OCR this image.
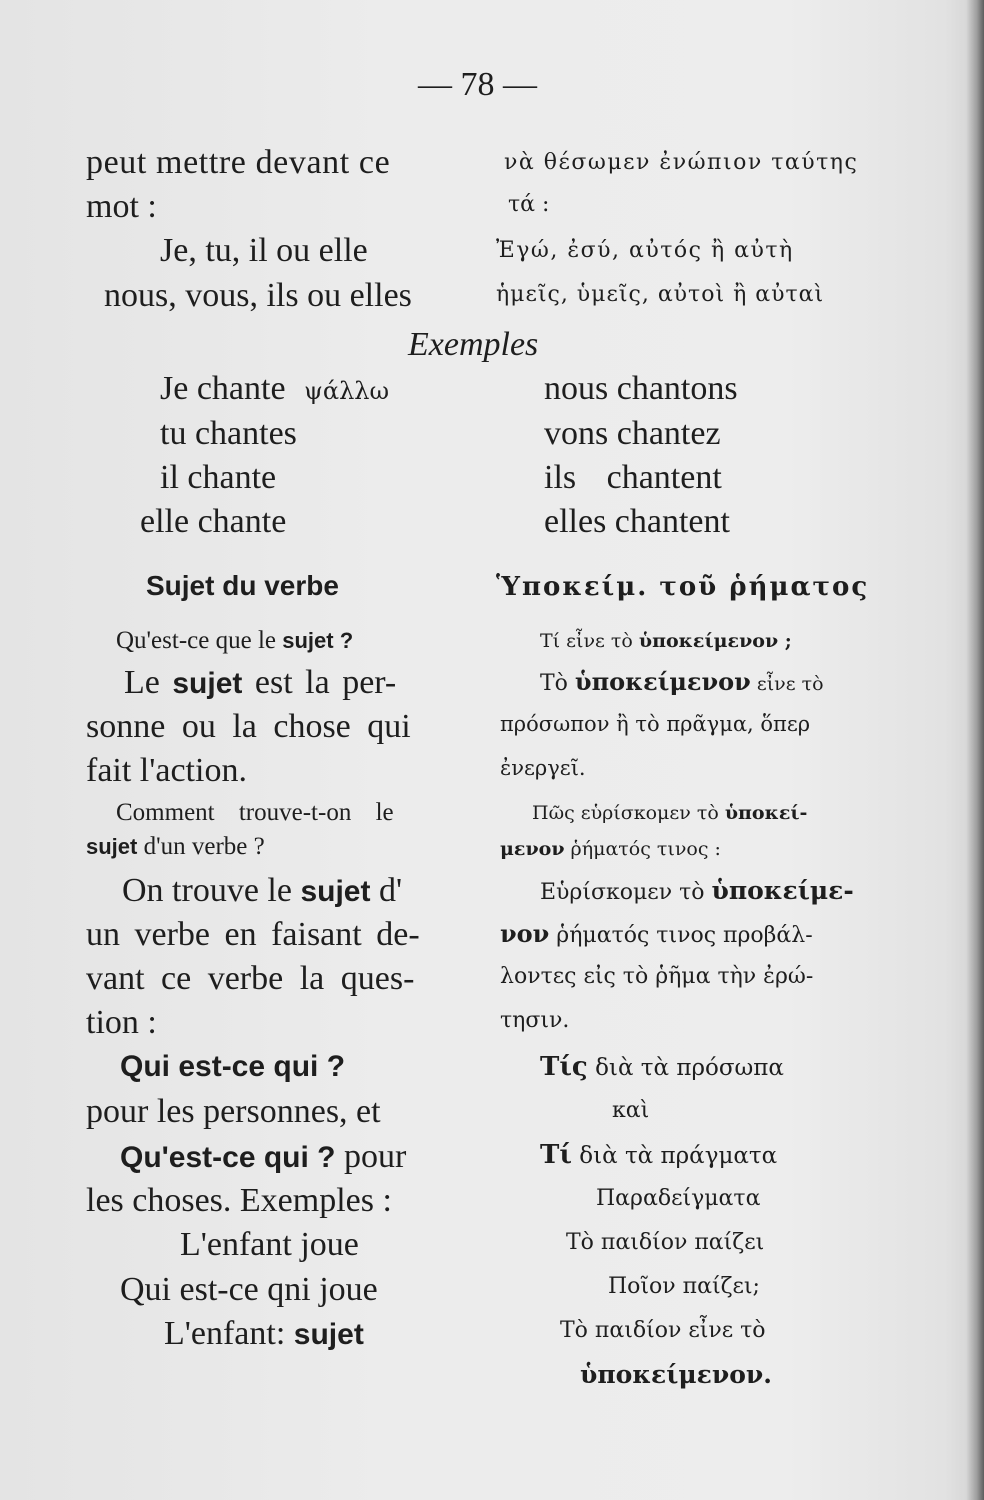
— 78 —
peut mettre devant ce
mot :
Je, tu, il ou elle
nous, vous, ils ou elles
νὰ θέσωμεν ἐνώπιον ταύτης
τά :
Ἐγώ, ἐσύ, αὐτός ἢ αὐτὴ
ἡμεῖς, ὑμεῖς, αὐτοὶ ἢ αὐταὶ
Exemples
Je chante ψάλλω
tu chantes
il chante
elle chante
nous chantons
vons chantez
ils chantent
elles chantent
Sujet du verbe	Ὑποκείμ. τοῦ ῥήματος
Qu'est-ce que le sujet ?	Τί εἶνε τὸ ὑποκείμενον ;
Le sujet est la per-
sonne ou la chose qui
fait l'action.
Τὸ ὑποκείμενον εἶνε τὸ
πρόσωπον ἢ τὸ πρᾶγμα, ὅπερ
ἐνεργεῖ.
Comment trouve-t-on le
sujet d'un verbe ?
Πῶς εὑρίσκομεν τὸ ὑποκεί-
μενον ῥήματός τινος :
On trouve le sujet d'
un verbe en faisant de-
vant ce verbe la ques-
tion :
Εὑρίσκομεν τὸ ὑποκείμε-
νον ῥήματός τινος προβάλ-
λοντες εἰς τὸ ῥῆμα τὴν ἐρώ-
τησιν.
Qui est-ce qui ?
pour les personnes, et
Qu'est-ce qui ? pour
les choses. Exemples :
L'enfant joue
Qui est-ce qni joue
L'enfant: sujet
Τίς διὰ τὰ πρόσωπα
καὶ
Τί διὰ τὰ πράγματα
Παραδείγματα
Τὸ παιδίον παίζει
Ποῖον παίζει;
Τὸ παιδίον εἶνε τὸ
ὑποκείμενον.
